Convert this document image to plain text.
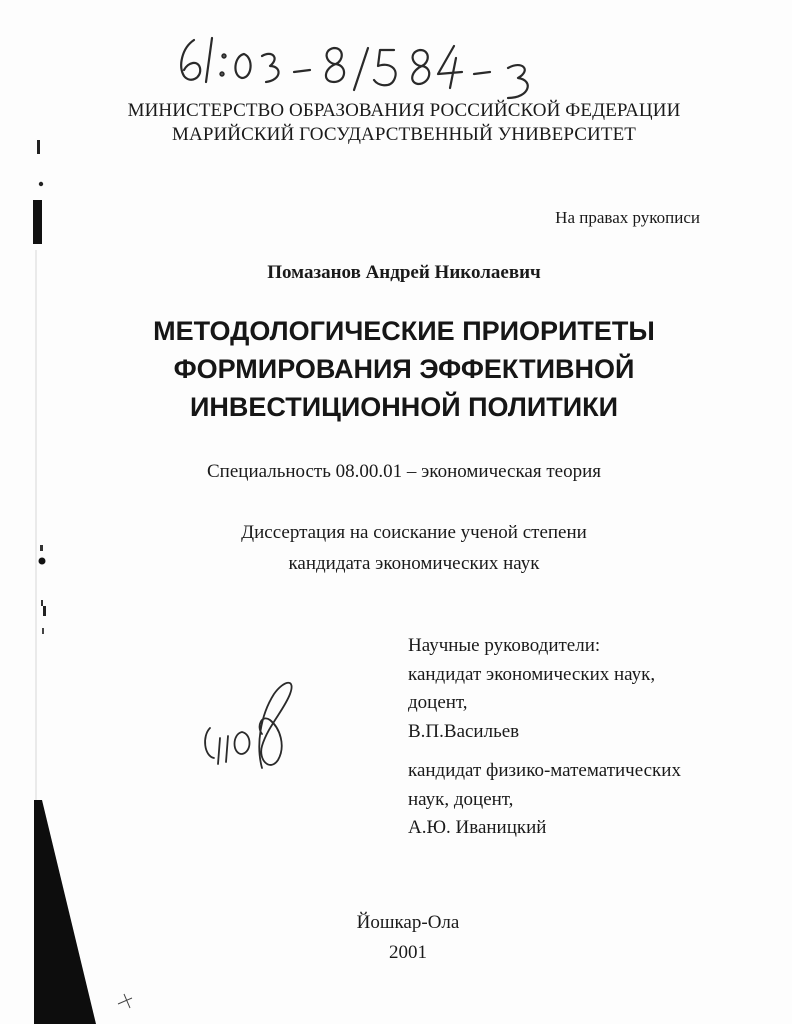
МИНИСТЕРСТВО ОБРАЗОВАНИЯ РОССИЙСКОЙ ФЕДЕРАЦИИ
МАРИЙСКИЙ ГОСУДАРСТВЕННЫЙ УНИВЕРСИТЕТ
На правах рукописи
Помазанов Андрей Николаевич
МЕТОДОЛОГИЧЕСКИЕ ПРИОРИТЕТЫ
ФОРМИРОВАНИЯ ЭФФЕКТИВНОЙ
ИНВЕСТИЦИОННОЙ ПОЛИТИКИ
Специальность 08.00.01 – экономическая теория
Диссертация на соискание ученой степени
кандидата экономических наук
Научные руководители:
кандидат экономических наук,
доцент,
В.П.Васильев
кандидат физико-математических
наук, доцент,
А.Ю. Иваницкий
Йошкар-Ола
2001
